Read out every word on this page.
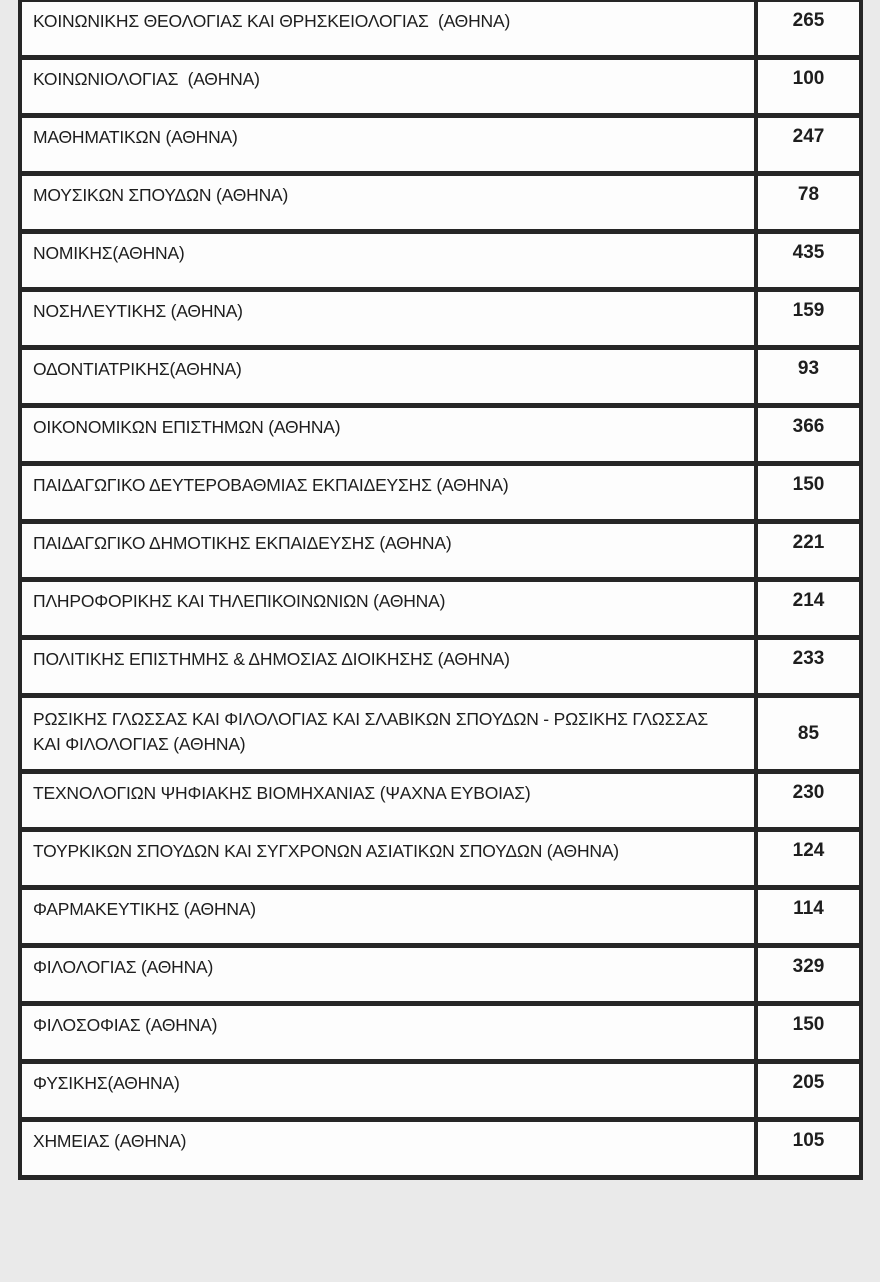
ΚΟΙΝΩΝΙΚΗΣ ΘΕΟΛΟΓΙΑΣ ΚΑΙ ΘΡΗΣΚΕΙΟΛΟΓΙΑΣ  (ΑΘΗΝΑ)	265
ΚΟΙΝΩΝΙΟΛΟΓΙΑΣ  (ΑΘΗΝΑ)	100
ΜΑΘΗΜΑΤΙΚΩΝ (ΑΘΗΝΑ)	247
ΜΟΥΣΙΚΩΝ ΣΠΟΥΔΩΝ (ΑΘΗΝΑ)	78
ΝΟΜΙΚΗΣ(ΑΘΗΝΑ)	435
ΝΟΣΗΛΕΥΤΙΚΗΣ (ΑΘΗΝΑ)	159
ΟΔΟΝΤΙΑΤΡΙΚΗΣ(ΑΘΗΝΑ)	93
ΟΙΚΟΝΟΜΙΚΩΝ ΕΠΙΣΤΗΜΩΝ (ΑΘΗΝΑ)	366
ΠΑΙΔΑΓΩΓΙΚΟ ΔΕΥΤΕΡΟΒΑΘΜΙΑΣ ΕΚΠΑΙΔΕΥΣΗΣ (ΑΘΗΝΑ)	150
ΠΑΙΔΑΓΩΓΙΚΟ ΔΗΜΟΤΙΚΗΣ ΕΚΠΑΙΔΕΥΣΗΣ (ΑΘΗΝΑ)	221
ΠΛΗΡΟΦΟΡΙΚΗΣ ΚΑΙ ΤΗΛΕΠΙΚΟΙΝΩΝΙΩΝ (ΑΘΗΝΑ)	214
ΠΟΛΙΤΙΚΗΣ ΕΠΙΣΤΗΜΗΣ & ΔΗΜΟΣΙΑΣ ΔΙΟΙΚΗΣΗΣ (ΑΘΗΝΑ)	233
ΡΩΣΙΚΗΣ ΓΛΩΣΣΑΣ ΚΑΙ ΦΙΛΟΛΟΓΙΑΣ ΚΑΙ ΣΛΑΒΙΚΩΝ ΣΠΟΥΔΩΝ - ΡΩΣΙΚΗΣ ΓΛΩΣΣΑΣ ΚΑΙ ΦΙΛΟΛΟΓΙΑΣ (ΑΘΗΝΑ)	85
ΤΕΧΝΟΛΟΓΙΩΝ ΨΗΦΙΑΚΗΣ ΒΙΟΜΗΧΑΝΙΑΣ (ΨΑΧΝΑ ΕΥΒΟΙΑΣ)	230
ΤΟΥΡΚΙΚΩΝ ΣΠΟΥΔΩΝ ΚΑΙ ΣΥΓΧΡΟΝΩΝ ΑΣΙΑΤΙΚΩΝ ΣΠΟΥΔΩΝ (ΑΘΗΝΑ)	124
ΦΑΡΜΑΚΕΥΤΙΚΗΣ (ΑΘΗΝΑ)	114
ΦΙΛΟΛΟΓΙΑΣ (ΑΘΗΝΑ)	329
ΦΙΛΟΣΟΦΙΑΣ (ΑΘΗΝΑ)	150
ΦΥΣΙΚΗΣ(ΑΘΗΝΑ)	205
ΧΗΜΕΙΑΣ (ΑΘΗΝΑ)	105
